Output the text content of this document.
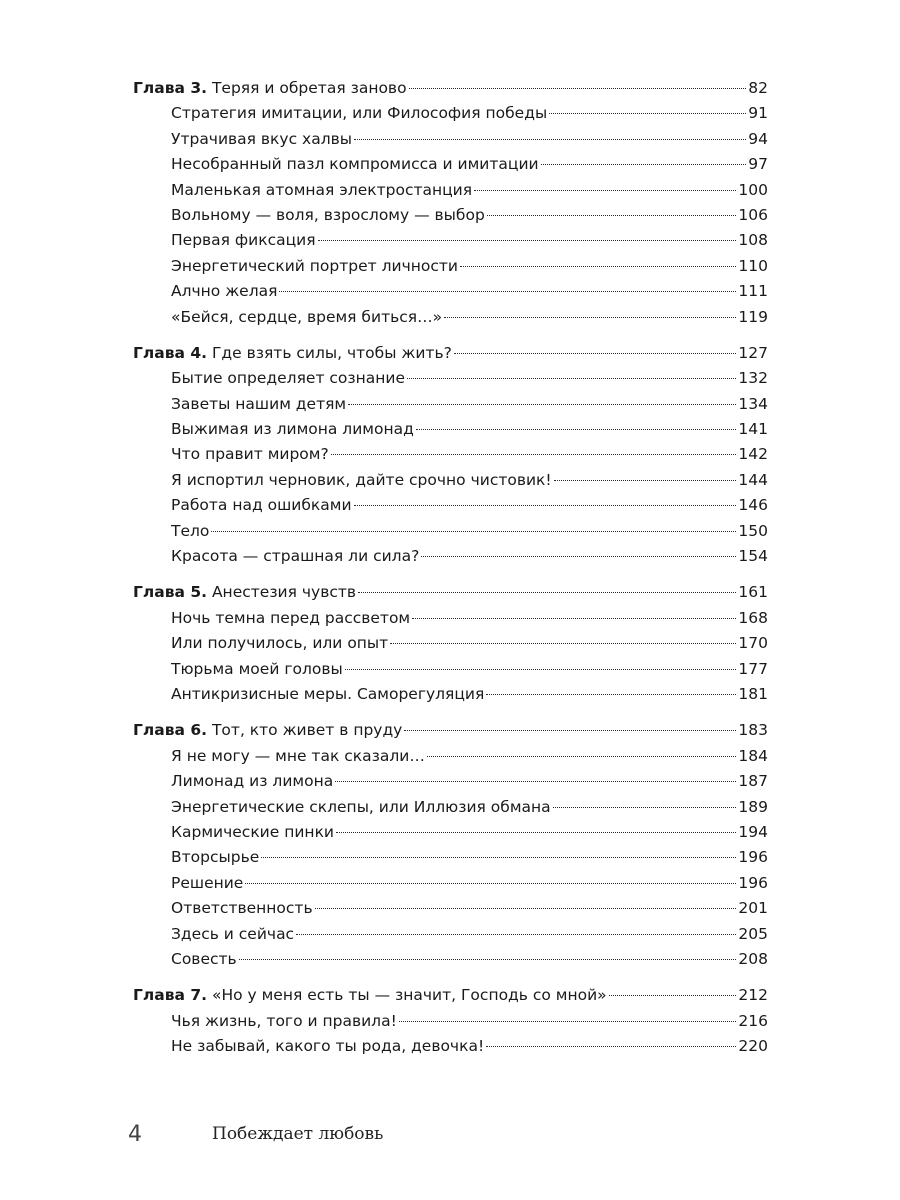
Глава 3. Теряя и обретая заново	82
Стратегия имитации, или Философия победы	91
Утрачивая вкус халвы	94
Несобранный пазл компромисса и имитации	97
Маленькая атомная электростанция	100
Вольному — воля, взрослому — выбор	106
Первая фиксация	108
Энергетический портрет личности	110
Алчно желая	111
«Бейся, сердце, время биться…»	119
Глава 4. Где взять силы, чтобы жить?	127
Бытие определяет сознание	132
Заветы нашим детям	134
Выжимая из лимона лимонад	141
Что правит миром?	142
Я испортил черновик, дайте срочно чистовик!	144
Работа над ошибками	146
Тело	150
Красота — страшная ли сила?	154
Глава 5. Анестезия чувств	161
Ночь темна перед рассветом	168
Или получилось, или опыт	170
Тюрьма моей головы	177
Антикризисные меры. Саморегуляция	181
Глава 6. Тот, кто живет в пруду	183
Я не могу — мне так сказали…	184
Лимонад из лимона	187
Энергетические склепы, или Иллюзия обмана	189
Кармические пинки	194
Вторсырье	196
Решение	196
Ответственность	201
Здесь и сейчас	205
Совесть	208
Глава 7. «Но у меня есть ты — значит, Господь со мной»	212
Чья жизнь, того и правила!	216
Не забывай, какого ты рода, девочка!	220
4	Побеждает любовь
